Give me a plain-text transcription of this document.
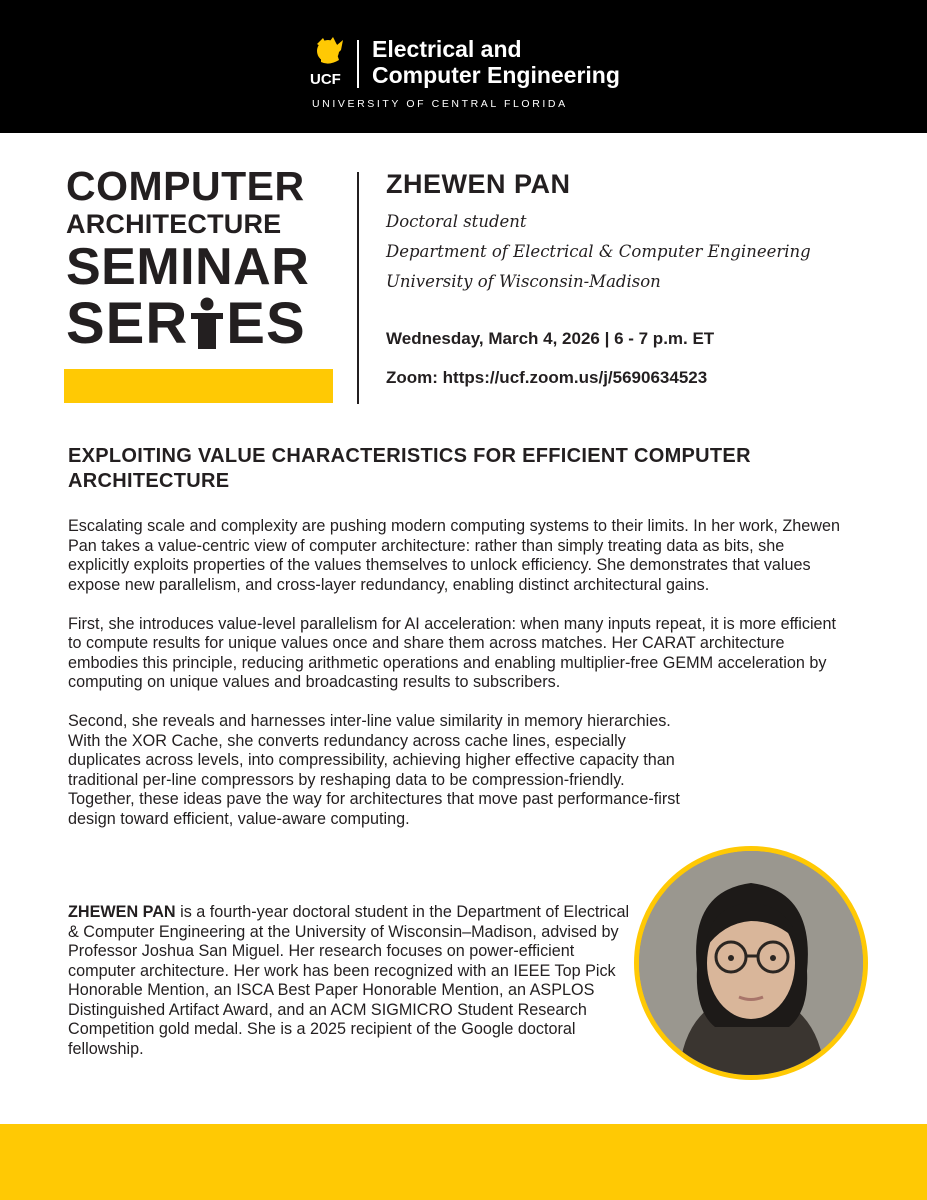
UCF
Electrical and
Computer Engineering
UNIVERSITY OF CENTRAL FLORIDA
COMPUTER
ARCHITECTURE
SEMINAR
SER ES
ZHEWEN PAN
Doctoral student
Department of Electrical & Computer Engineering
University of Wisconsin-Madison
Wednesday, March 4, 2026 | 6 - 7 p.m. ET
Zoom: https://ucf.zoom.us/j/5690634523
EXPLOITING VALUE CHARACTERISTICS FOR EFFICIENT COMPUTER ARCHITECTURE

Escalating scale and complexity are pushing modern computing systems to their limits. In her work, Zhewen Pan takes a value-centric view of computer architecture: rather than simply treating data as bits, she explicitly exploits properties of the values themselves to unlock efficiency. She demonstrates that values expose new parallelism, and cross-layer redundancy, enabling distinct architectural gains.

First, she introduces value-level parallelism for AI acceleration: when many inputs repeat, it is more efficient to compute results for unique values once and share them across matches. Her CARAT architecture embodies this principle, reducing arithmetic operations and enabling multiplier-free GEMM acceleration by computing on unique values and broadcasting results to subscribers.

Second, she reveals and harnesses inter-line value similarity in memory hierarchies. With the XOR Cache, she converts redundancy across cache lines, especially duplicates across levels, into compressibility, achieving higher effective capacity than traditional per-line compressors by reshaping data to be compression-friendly. Together, these ideas pave the way for architectures that move past performance-first design toward efficient, value-aware computing.

ZHEWEN PAN is a fourth-year doctoral student in the Department of Electrical & Computer Engineering at the University of Wisconsin–Madison, advised by Professor Joshua San Miguel. Her research focuses on power-efficient computer architecture. Her work has been recognized with an IEEE Top Pick Honorable Mention, an ISCA Best Paper Honorable Mention, an ASPLOS Distinguished Artifact Award, and an ACM SIGMICRO Student Research Competition gold medal. She is a 2025 recipient of the Google doctoral fellowship.
